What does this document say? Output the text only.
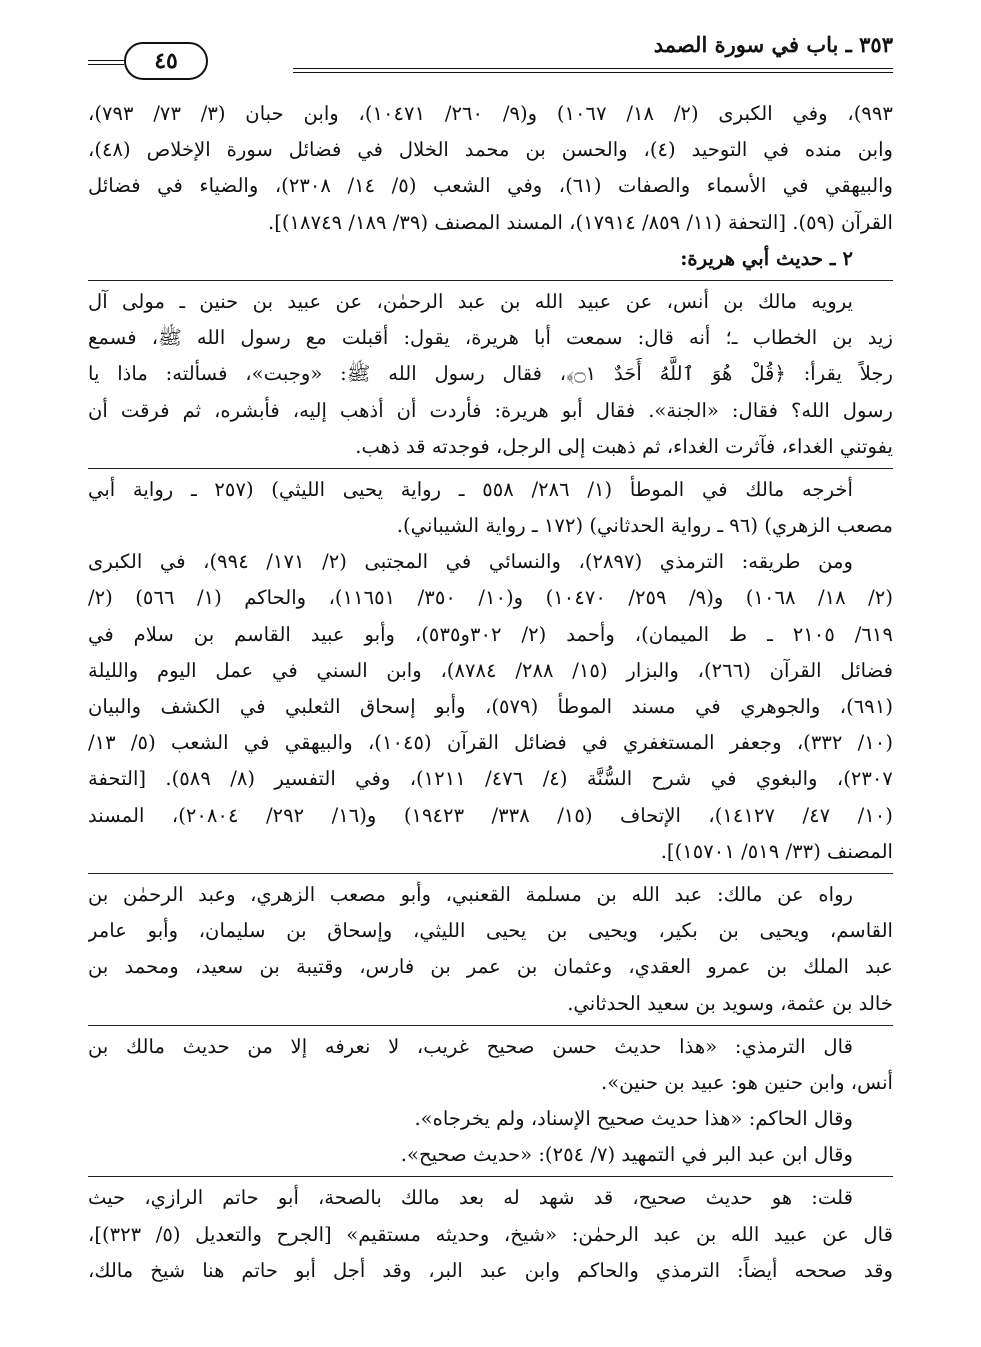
٣٥٣ ـ باب في سورة الصمد
٤٥
٩٩٣)، وفي الكبرى (٢/ ١٨/ ١٠٦٧) و(٩/ ٢٦٠/ ١٠٤٧١)، وابن حبان (٣/ ٧٣/ ٧٩٣)،
وابن منده في التوحيد (٤)، والحسن بن محمد الخلال في فضائل سورة الإخلاص (٤٨)،
والبيهقي في الأسماء والصفات (٦١)، وفي الشعب (٥/ ١٤/ ٢٣٠٨)، والضياء في فضائل
القرآن (٥٩). [التحفة (١١/ ٨٥٩/ ١٧٩١٤)، المسند المصنف (٣٩/ ١٨٩/ ١٨٧٤٩)].
٢ ـ حديث أبي هريرة:
يرويه مالك بن أنس، عن عبيد الله بن عبد الرحمٰن، عن عبيد بن حنين ـ مولى آل
زيد بن الخطاب ـ؛ أنه قال: سمعت أبا هريرة، يقول: أقبلت مع رسول الله ﷺ، فسمع
رجلاً يقرأ: ﴿قُلْ هُوَ ٱللَّهُ أَحَدٌ ۝١﴾، فقال رسول الله ﷺ: «وجبت»، فسألته: ماذا يا
رسول الله؟ فقال: «الجنة». فقال أبو هريرة: فأردت أن أذهب إليه، فأبشره، ثم فرقت أن
يفوتني الغداء، فآثرت الغداء، ثم ذهبت إلى الرجل، فوجدته قد ذهب.
أخرجه مالك في الموطأ (١/ ٢٨٦/ ٥٥٨ ـ رواية يحيى الليثي) (٢٥٧ ـ رواية أبي
مصعب الزهري) (٩٦ ـ رواية الحدثاني) (١٧٢ ـ رواية الشيباني).
ومن طريقه: الترمذي (٢٨٩٧)، والنسائي في المجتبى (٢/ ١٧١/ ٩٩٤)، في الكبرى
(٢/ ١٨/ ١٠٦٨) و(٩/ ٢٥٩/ ١٠٤٧٠) و(١٠/ ٣٥٠/ ١١٦٥١)، والحاكم (١/ ٥٦٦) (٢/
٦١٩/ ٢١٠٥ ـ ط الميمان)، وأحمد (٢/ ٣٠٢و٥٣٥)، وأبو عبيد القاسم بن سلام في
فضائل القرآن (٢٦٦)، والبزار (١٥/ ٢٨٨/ ٨٧٨٤)، وابن السني في عمل اليوم والليلة
(٦٩١)، والجوهري في مسند الموطأ (٥٧٩)، وأبو إسحاق الثعلبي في الكشف والبيان
(١٠/ ٣٣٢)، وجعفر المستغفري في فضائل القرآن (١٠٤٥)، والبيهقي في الشعب (٥/ ١٣/
٢٣٠٧)، والبغوي في شرح السُّنَّة (٤/ ٤٧٦/ ١٢١١)، وفي التفسير (٨/ ٥٨٩). [التحفة
(١٠/ ٤٧/ ١٤١٢٧)، الإتحاف (١٥/ ٣٣٨/ ١٩٤٢٣) و(١٦/ ٢٩٢/ ٢٠٨٠٤)، المسند
المصنف (٣٣/ ٥١٩/ ١٥٧٠١)].
رواه عن مالك: عبد الله بن مسلمة القعنبي، وأبو مصعب الزهري، وعبد الرحمٰن بن
القاسم، ويحيى بن بكير، ويحيى بن يحيى الليثي، وإسحاق بن سليمان، وأبو عامر
عبد الملك بن عمرو العقدي، وعثمان بن عمر بن فارس، وقتيبة بن سعيد، ومحمد بن
خالد بن عثمة، وسويد بن سعيد الحدثاني.
قال الترمذي: «هذا حديث حسن صحيح غريب، لا نعرفه إلا من حديث مالك بن
أنس، وابن حنين هو: عبيد بن حنين».
وقال الحاكم: «هذا حديث صحيح الإسناد، ولم يخرجاه».
وقال ابن عبد البر في التمهيد (٧/ ٢٥٤): «حديث صحيح».
قلت: هو حديث صحيح، قد شهد له بعد مالك بالصحة، أبو حاتم الرازي، حيث
قال عن عبيد الله بن عبد الرحمٰن: «شيخ، وحديثه مستقيم» [الجرح والتعديل (٥/ ٣٢٣)]،
وقد صححه أيضاً: الترمذي والحاكم وابن عبد البر، وقد أجل أبو حاتم هنا شيخ مالك،
